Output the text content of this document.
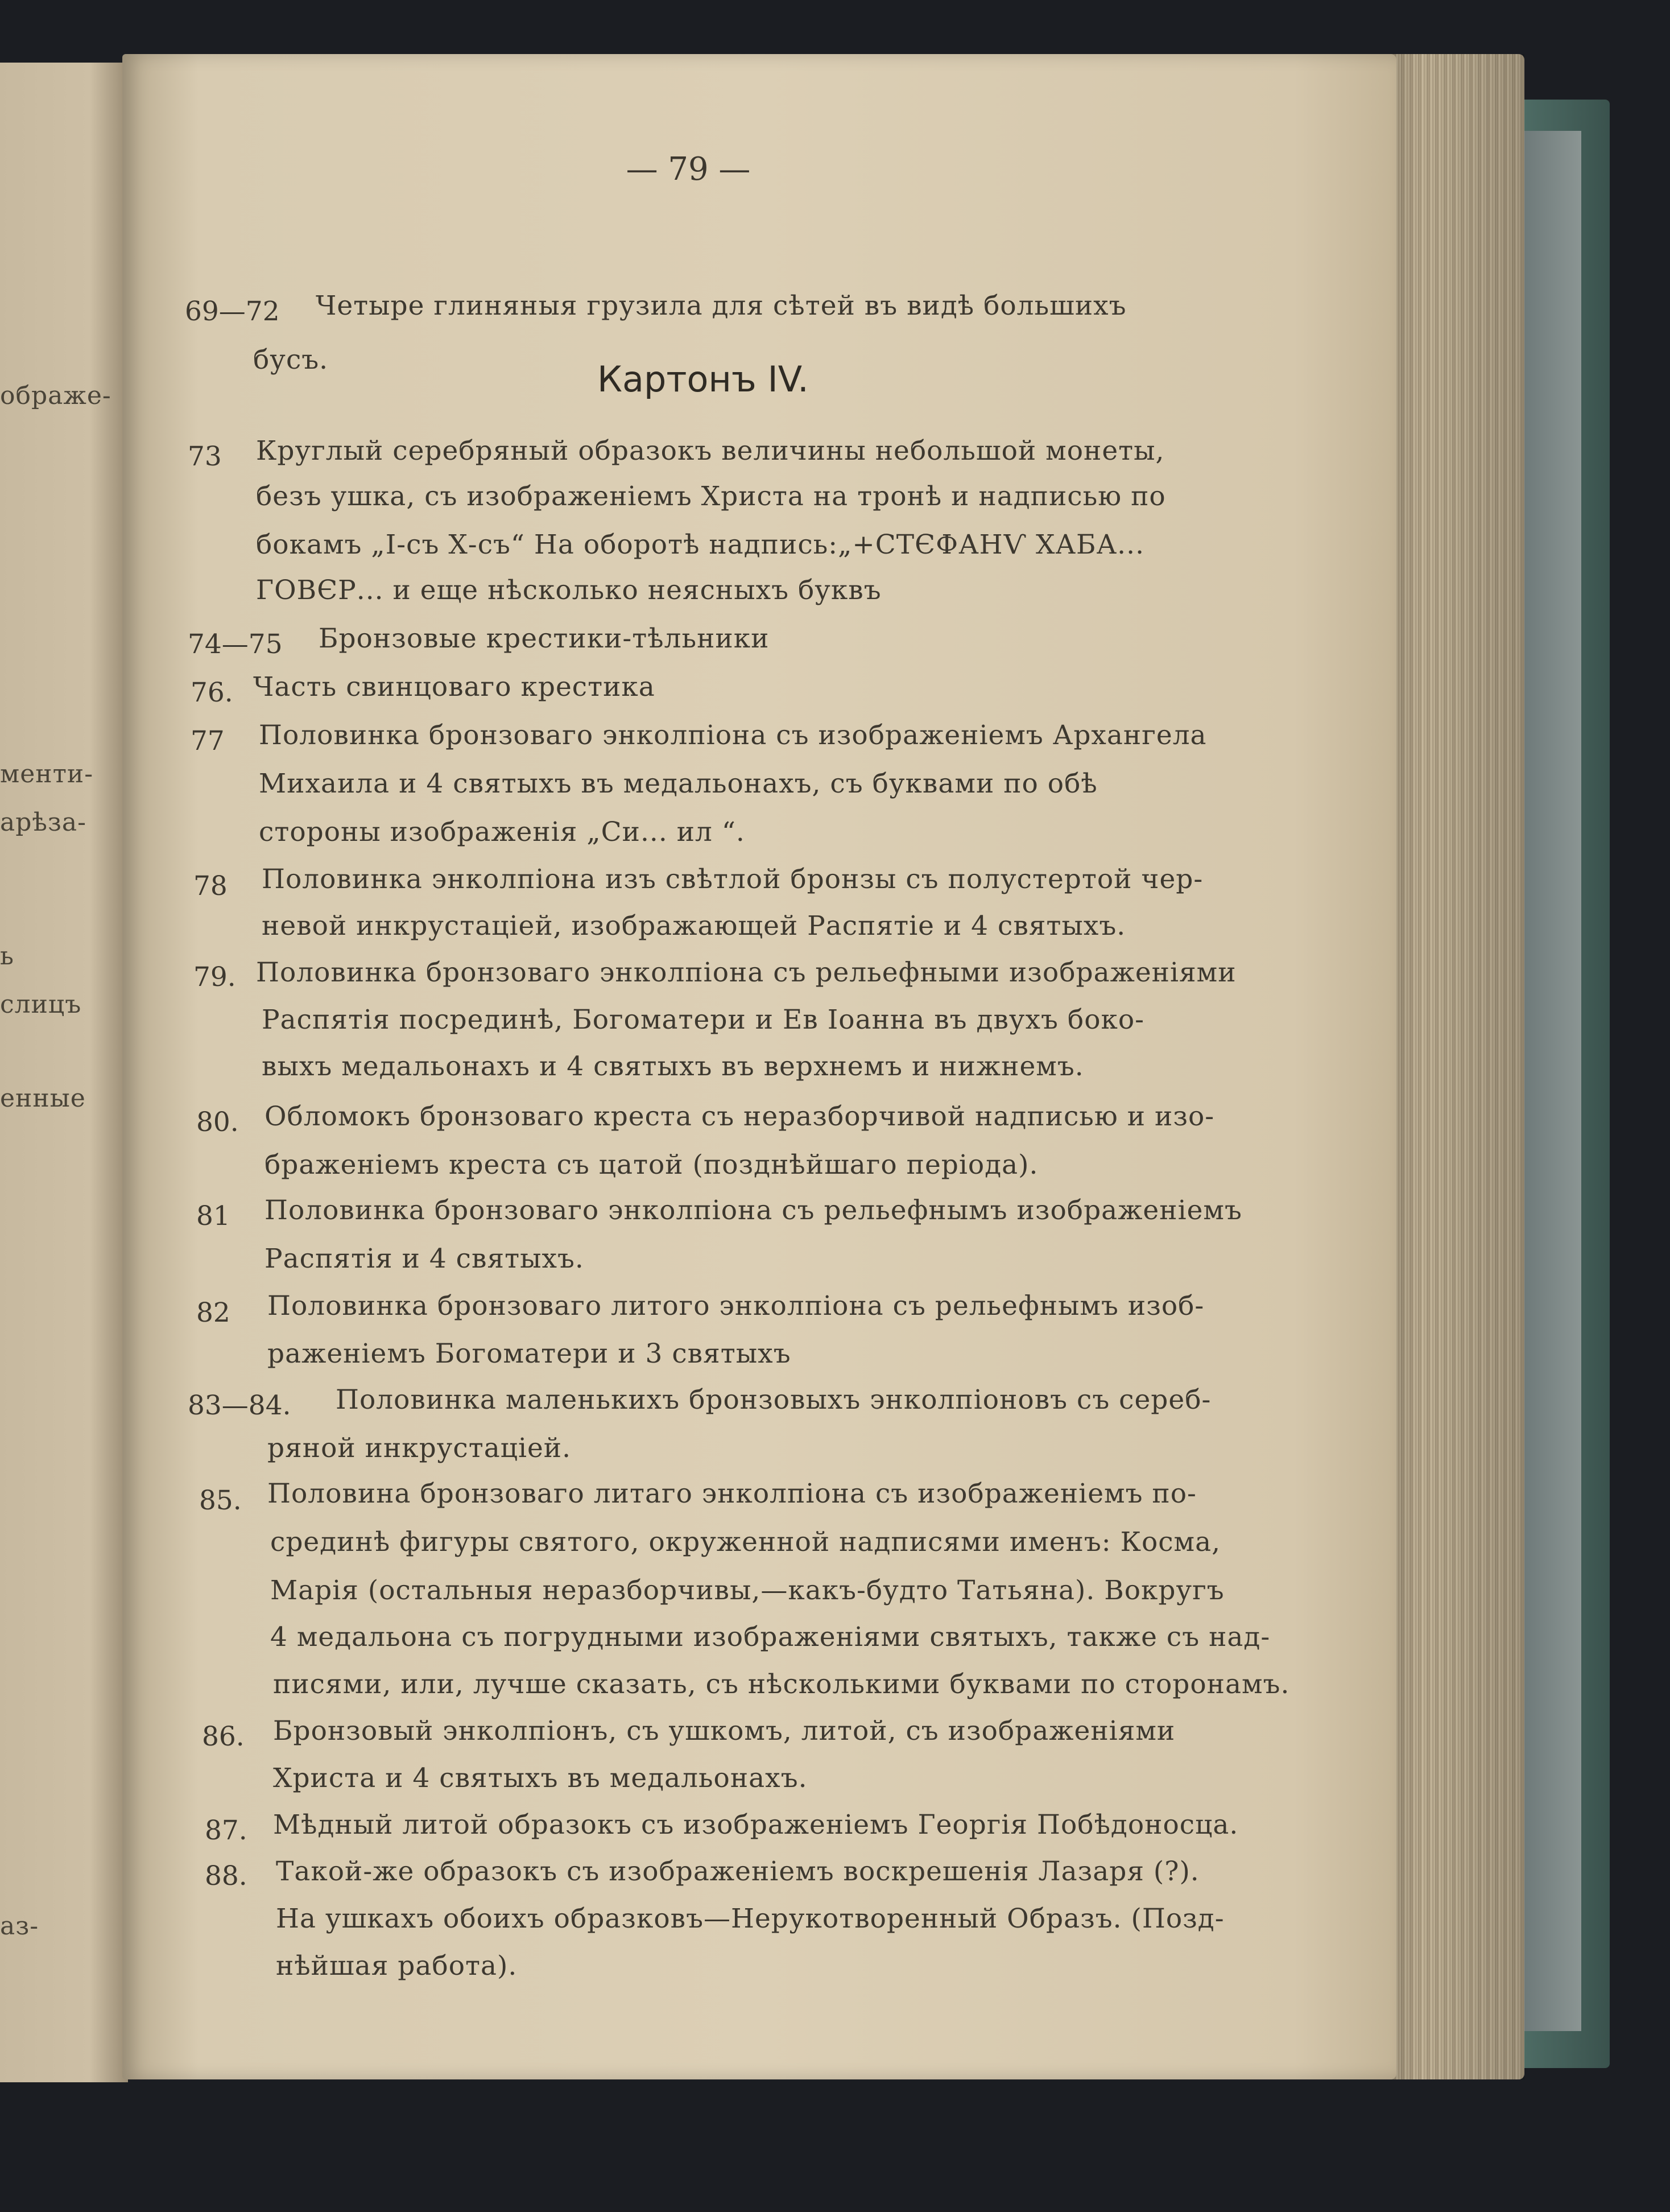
ображе-
менти-
арѣза-
ь
слицъ
енные
аз-
— 79 —
69—72 Четыре глиняныя грузила для сѣтей въ видѣ большихъ
бусъ.	Картонъ IV.
73 Круглый серебряный образокъ величины небольшой монеты,
безъ ушка, съ изображеніемъ Христа на тронѣ и надписью по
бокамъ „І-съ Х-съ“ На оборотѣ надпись:„+СТЄФАНѴ ХАБА...
ГОВЄР... и еще нѣсколько неясныхъ буквъ
74—75 Бронзовые крестики-тѣльники
76. Часть свинцоваго крестика
77 Половинка бронзоваго энколпіона съ изображеніемъ Архангела
Михаила и 4 святыхъ въ медальонахъ, съ буквами по обѣ
стороны изображенія „Си... ил “.
78 Половинка энколпіона изъ свѣтлой бронзы съ полустертой чер-
невой инкрустаціей, изображающей Распятіе и 4 святыхъ.
79. Половинка бронзоваго энколпіона съ рельефными изображеніями
Распятія посрединѣ, Богоматери и Ев Іоанна въ двухъ боко-
выхъ медальонахъ и 4 святыхъ въ верхнемъ и нижнемъ.
80. Обломокъ бронзоваго креста съ неразборчивой надписью и изо-
браженіемъ креста съ цатой (позднѣйшаго періода).
81 Половинка бронзоваго энколпіона съ рельефнымъ изображеніемъ
Распятія и 4 святыхъ.
82 Половинка бронзоваго литого энколпіона съ рельефнымъ изоб-
раженіемъ Богоматери и 3 святыхъ
83—84. Половинка маленькихъ бронзовыхъ энколпіоновъ съ сереб-
ряной инкрустаціей.
85. Половина бронзоваго литаго энколпіона съ изображеніемъ по-
срединѣ фигуры святого, окруженной надписями именъ: Косма,
Марія (остальныя неразборчивы,—какъ-будто Татьяна). Вокругъ
4 медальона съ погрудными изображеніями святыхъ, также съ над-
писями, или, лучше сказать, съ нѣсколькими буквами по сторонамъ.
86. Бронзовый энколпіонъ, съ ушкомъ, литой, съ изображеніями
Христа и 4 святыхъ въ медальонахъ.
87. Мѣдный литой образокъ съ изображеніемъ Георгія Побѣдоносца.
88. Такой-же образокъ съ изображеніемъ воскрешенія Лазаря (?).
На ушкахъ обоихъ образковъ—Нерукотворенный Образъ. (Позд-
нѣйшая работа).
